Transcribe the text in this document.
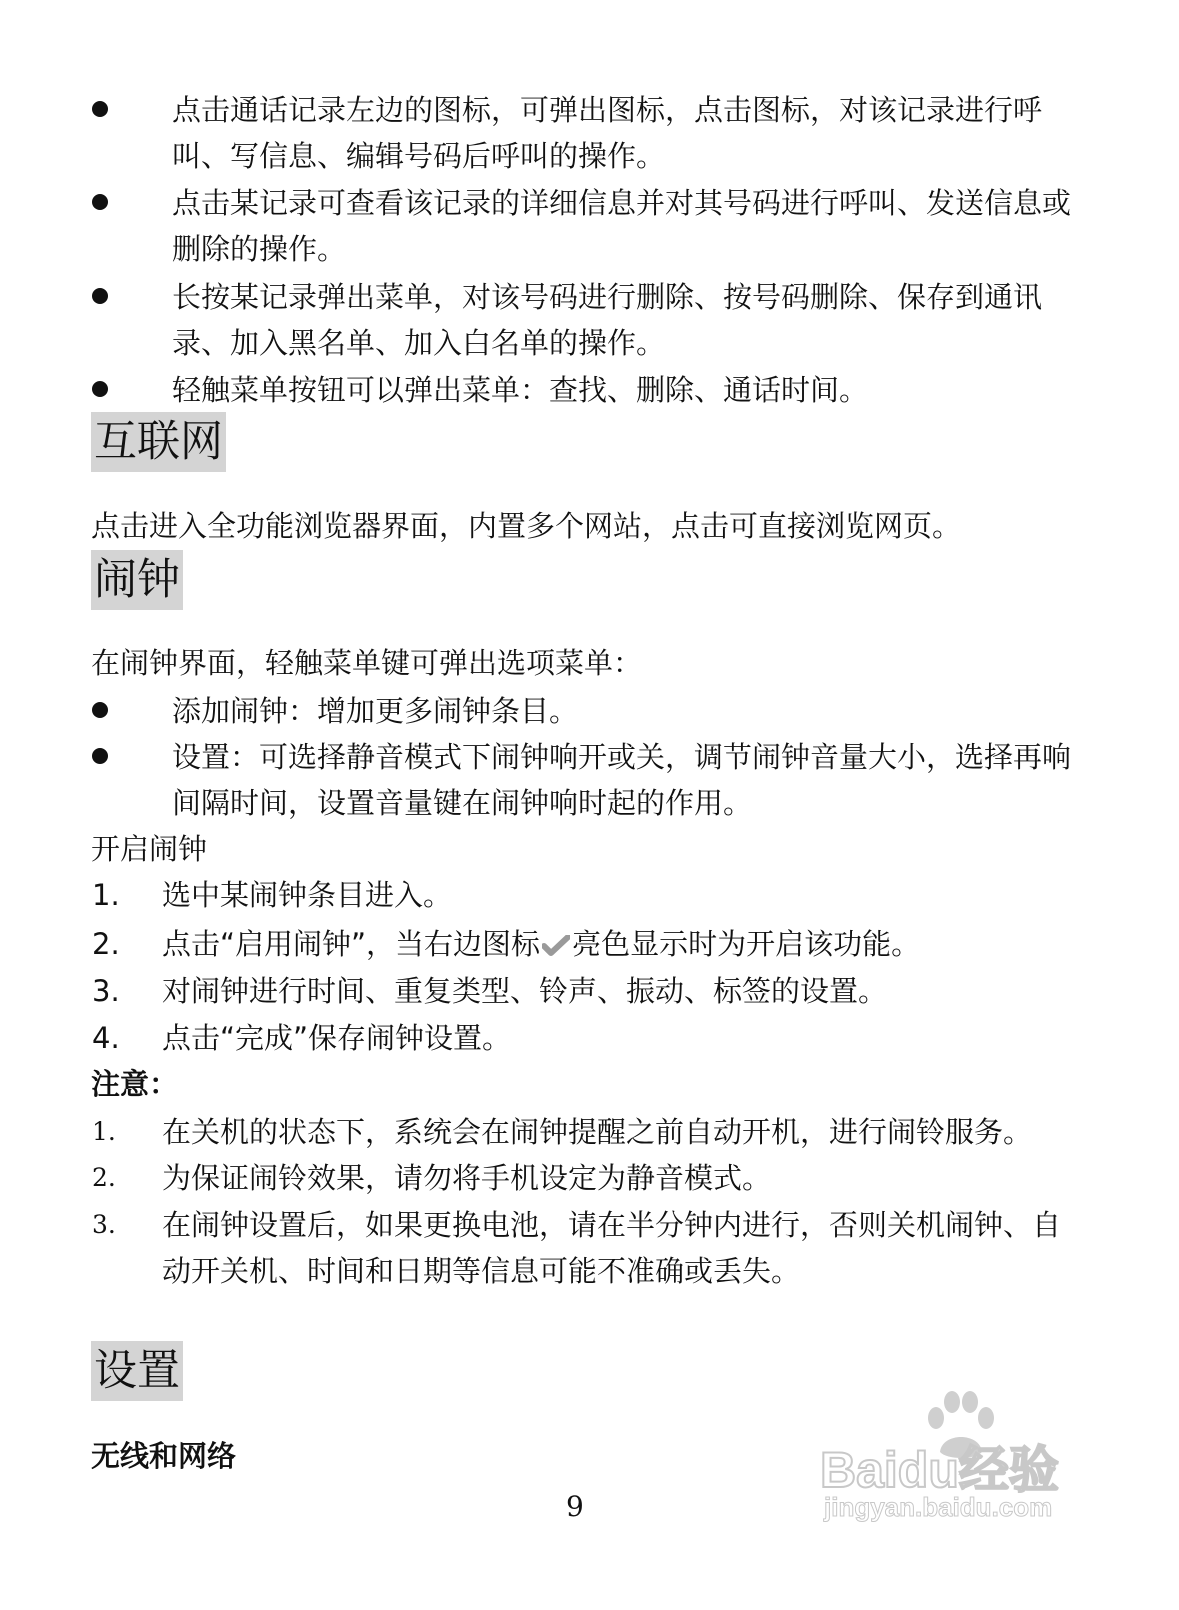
点击通话记录左边的图标，可弹出图标，点击图标，对该记录进行呼叫、写信息、编辑号码后呼叫的操作。
点击某记录可查看该记录的详细信息并对其号码进行呼叫、发送信息或删除的操作。
长按某记录弹出菜单，对该号码进行删除、按号码删除、保存到通讯录、加入黑名单、加入白名单的操作。
轻触菜单按钮可以弹出菜单：查找、删除、通话时间。
互联网
点击进入全功能浏览器界面，内置多个网站，点击可直接浏览网页。
闹钟
在闹钟界面，轻触菜单键可弹出选项菜单：
添加闹钟：增加更多闹钟条目。
设置：可选择静音模式下闹钟响开或关，调节闹钟音量大小，选择再响间隔时间，设置音量键在闹钟响时起的作用。
开启闹钟
1. 选中某闹钟条目进入。
2. 点击“启用闹钟”，当右边图标 亮色显示时为开启该功能。
3. 对闹钟进行时间、重复类型、铃声、振动、标签的设置。
4. 点击“完成”保存闹钟设置。
注意：
1. 在关机的状态下，系统会在闹钟提醒之前自动开机，进行闹铃服务。
2. 为保证闹铃效果，请勿将手机设定为静音模式。
3. 在闹钟设置后，如果更换电池，请在半分钟内进行，否则关机闹钟、自动开关机、时间和日期等信息可能不准确或丢失。
设置
无线和网络
9
Baidu经验
jingyan.baidu.com
